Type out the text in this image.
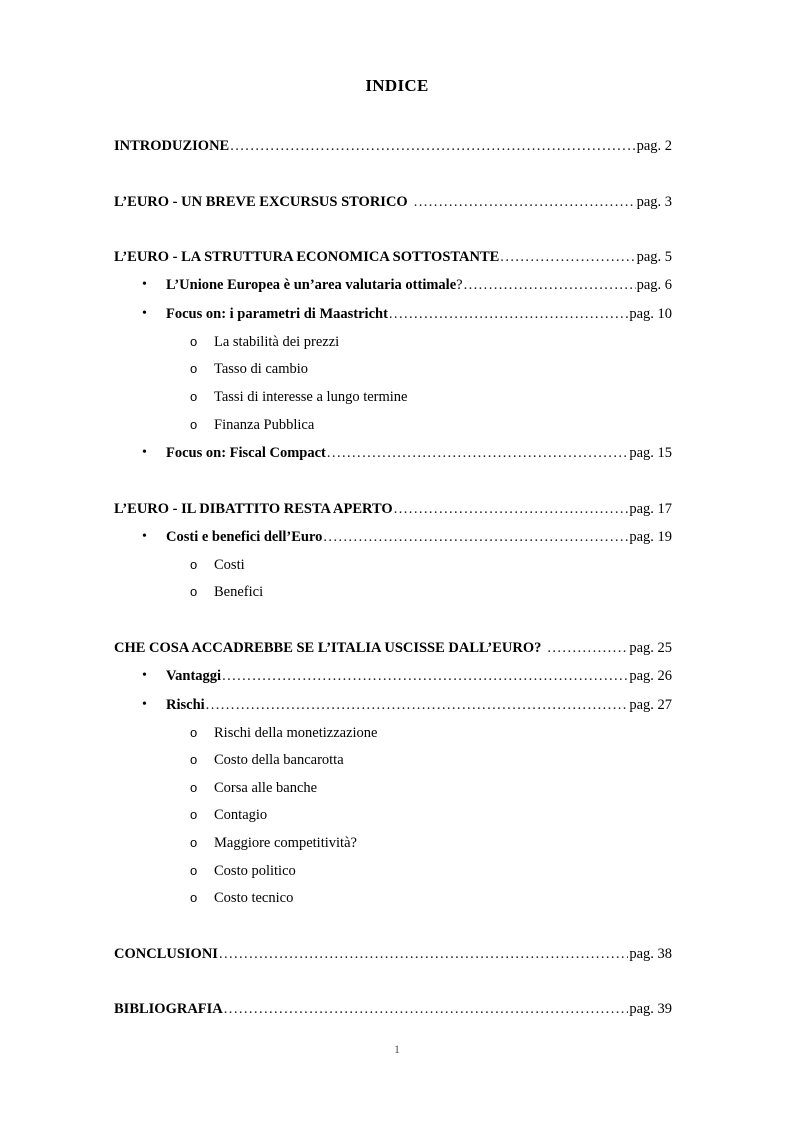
INDICE
INTRODUZIONE .....	pag. 2
L’EURO - UN BREVE EXCURSUS STORICO .....	pag. 3
L’EURO - LA STRUTTURA ECONOMICA SOTTOSTANTE .....	pag. 5
• L’Unione Europea è un’area valutaria ottimale ? .....	pag. 6
• Focus on: i parametri di Maastricht .....	pag. 10
o La stabilità dei prezzi
o Tasso di cambio
o Tassi di interesse a lungo termine
o Finanza Pubblica
• Focus on: Fiscal Compact .....	pag. 15
L’EURO - IL DIBATTITO RESTA APERTO .....	pag. 17
• Costi e benefici dell’Euro .....	pag. 19
o Costi
o Benefici
CHE COSA ACCADREBBE SE L’ITALIA USCISSE DALL’EURO? .....	pag. 25
• Vantaggi .....	pag. 26
• Rischi .....	pag. 27
o Rischi della monetizzazione
o Costo della bancarotta
o Corsa alle banche
o Contagio
o Maggiore competitività?
o Costo politico
o Costo tecnico
CONCLUSIONI .....	pag. 38
BIBLIOGRAFIA .....	pag. 39
1
